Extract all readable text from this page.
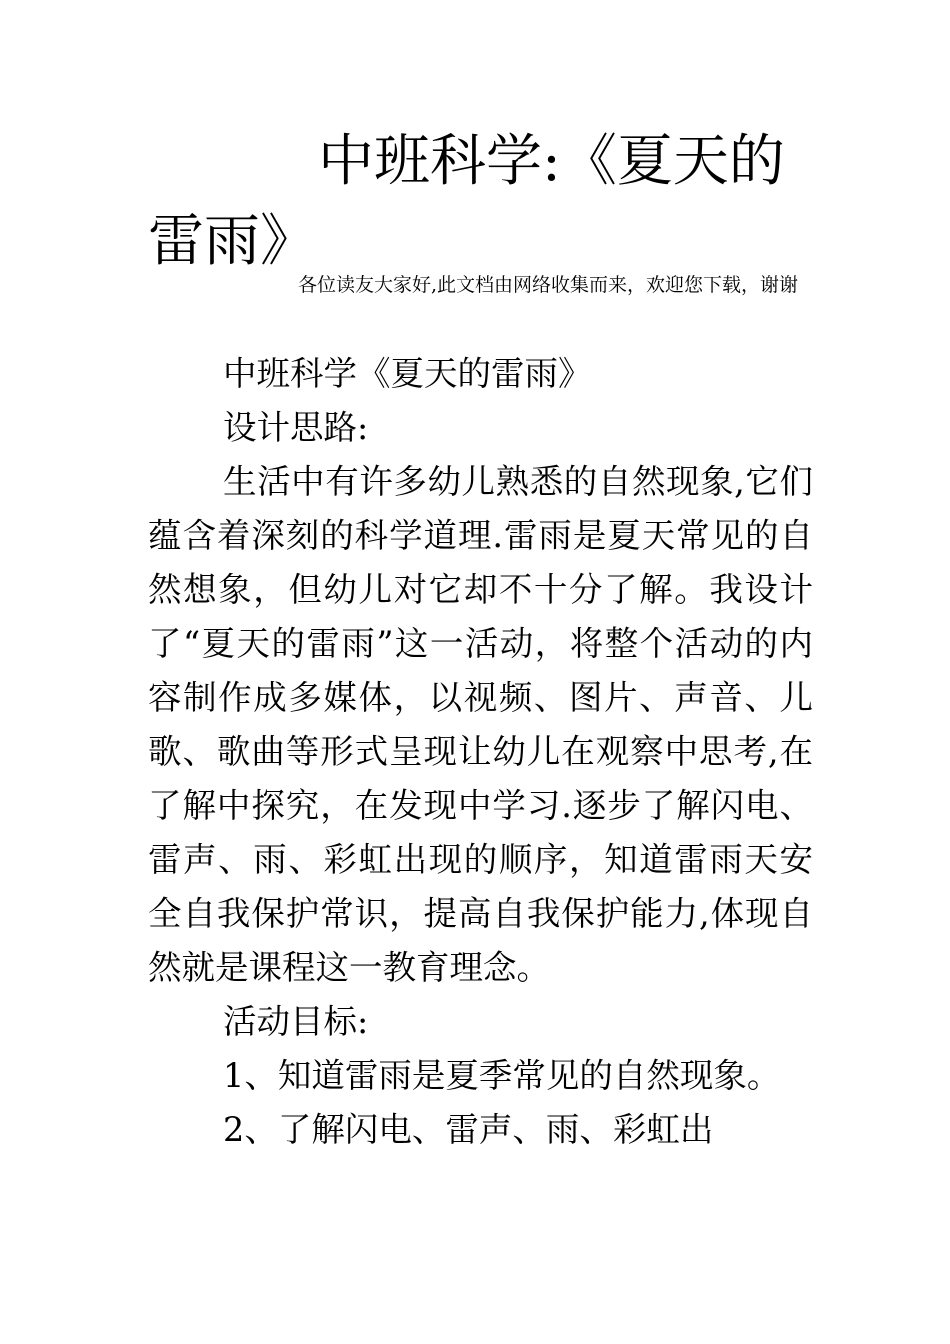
中班科学:《夏天的雷雨》
各位读友大家好,此文档由网络收集而来，欢迎您下载，谢谢

中班科学《夏天的雷雨》

设计思路:

生活中有许多幼儿熟悉的自然现象,它们蕴含着深刻的科学道理.雷雨是夏天常见的自然想象，但幼儿对它却不十分了解。我设计了“夏天的雷雨”这一活动，将整个活动的内容制作成多媒体，以视频、图片、声音、儿歌、歌曲等形式呈现让幼儿在观察中思考,在了解中探究，在发现中学习.逐步了解闪电、雷声、雨、彩虹出现的顺序，知道雷雨天安全自我保护常识，提高自我保护能力,体现自然就是课程这一教育理念。

活动目标:

1、知道雷雨是夏季常见的自然现象。

2、了解闪电、雷声、雨、彩虹出
